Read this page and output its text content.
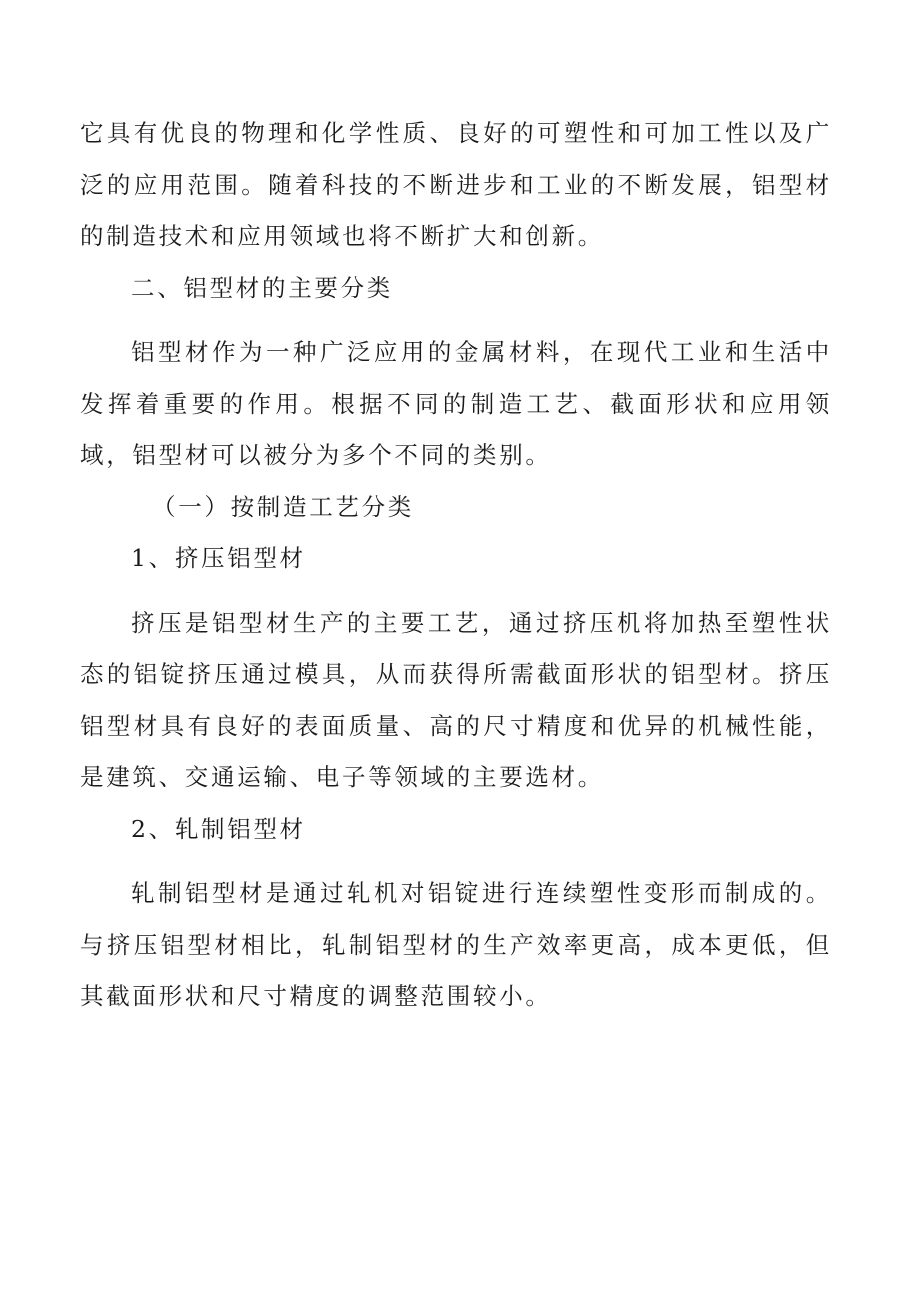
它具有优良的物理和化学性质、良好的可塑性和可加工性以及广泛的应用范围。随着科技的不断进步和工业的不断发展，铝型材的制造技术和应用领域也将不断扩大和创新。

二、铝型材的主要分类

铝型材作为一种广泛应用的金属材料，在现代工业和生活中发挥着重要的作用。根据不同的制造工艺、截面形状和应用领域，铝型材可以被分为多个不同的类别。

（一）按制造工艺分类

1、挤压铝型材

挤压是铝型材生产的主要工艺，通过挤压机将加热至塑性状态的铝锭挤压通过模具，从而获得所需截面形状的铝型材。挤压铝型材具有良好的表面质量、高的尺寸精度和优异的机械性能，是建筑、交通运输、电子等领域的主要选材。

2、轧制铝型材

轧制铝型材是通过轧机对铝锭进行连续塑性变形而制成的。与挤压铝型材相比，轧制铝型材的生产效率更高，成本更低，但其截面形状和尺寸精度的调整范围较小。
